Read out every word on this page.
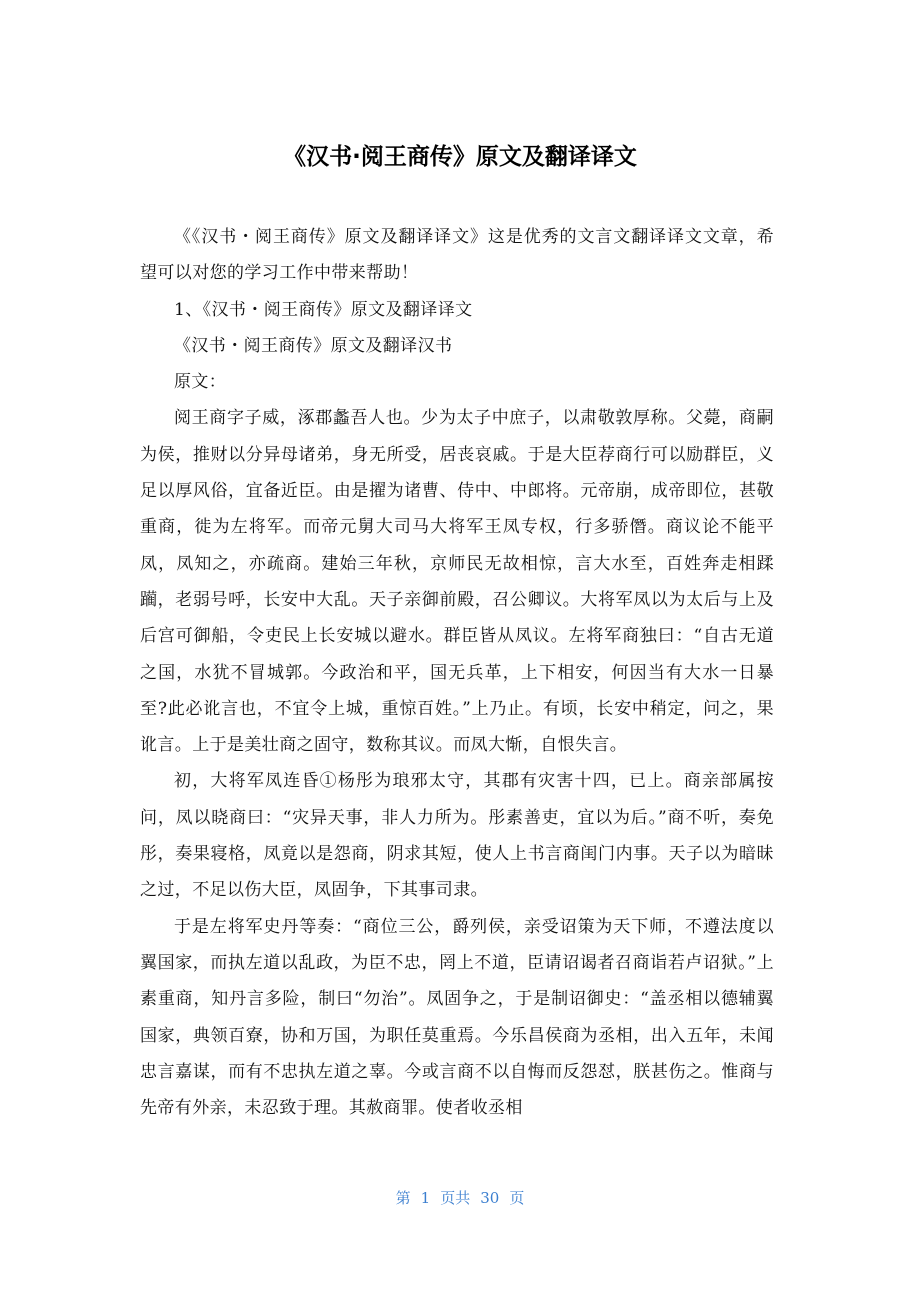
《汉书·阅王商传》原文及翻译译文

《《汉书・阅王商传》原文及翻译译文》这是优秀的文言文翻译译文文章，希望可以对您的学习工作中带来帮助！

1、《汉书・阅王商传》原文及翻译译文

《汉书・阅王商传》原文及翻译汉书

原文：

阅王商字子威，涿郡蠡吾人也。少为太子中庶子，以肃敬敦厚称。父薨，商嗣为侯，推财以分异母诸弟，身无所受，居丧哀戚。于是大臣荐商行可以励群臣，义足以厚风俗，宜备近臣。由是擢为诸曹、侍中、中郎将。元帝崩，成帝即位，甚敬重商，徙为左将军。而帝元舅大司马大将军王凤专权，行多骄僭。商议论不能平凤，凤知之，亦疏商。建始三年秋，京师民无故相惊，言大水至，百姓奔走相蹂躏，老弱号呼，长安中大乱。天子亲御前殿，召公卿议。大将军凤以为太后与上及后宫可御船，令吏民上长安城以避水。群臣皆从凤议。左将军商独曰：“自古无道之国，水犹不冒城郭。今政治和平，国无兵革，上下相安，何因当有大水一日暴至?此必讹言也，不宜令上城，重惊百姓。”上乃止。有顷，长安中稍定，问之，果讹言。上于是美壮商之固守，数称其议。而凤大惭，自恨失言。

初，大将军凤连昏①杨彤为琅邪太守，其郡有灾害十四，已上。商亲部属按问，凤以晓商曰：“灾异天事，非人力所为。彤素善吏，宜以为后。”商不听，奏免彤，奏果寝格，凤竟以是怨商，阴求其短，使人上书言商闺门内事。天子以为暗昧之过，不足以伤大臣，凤固争，下其事司隶。

于是左将军史丹等奏：“商位三公，爵列侯，亲受诏策为天下师，不遵法度以翼国家，而执左道以乱政，为臣不忠，罔上不道，臣请诏谒者召商诣若卢诏狱。”上素重商，知丹言多险，制曰“勿治”。凤固争之，于是制诏御史：“盖丞相以德辅翼国家，典领百寮，协和万国，为职任莫重焉。今乐昌侯商为丞相，出入五年，未闻忠言嘉谋，而有不忠执左道之辜。今或言商不以自悔而反怨怼，朕甚伤之。惟商与先帝有外亲，未忍致于理。其赦商罪。使者收丞相

第 1 页共 30 页
